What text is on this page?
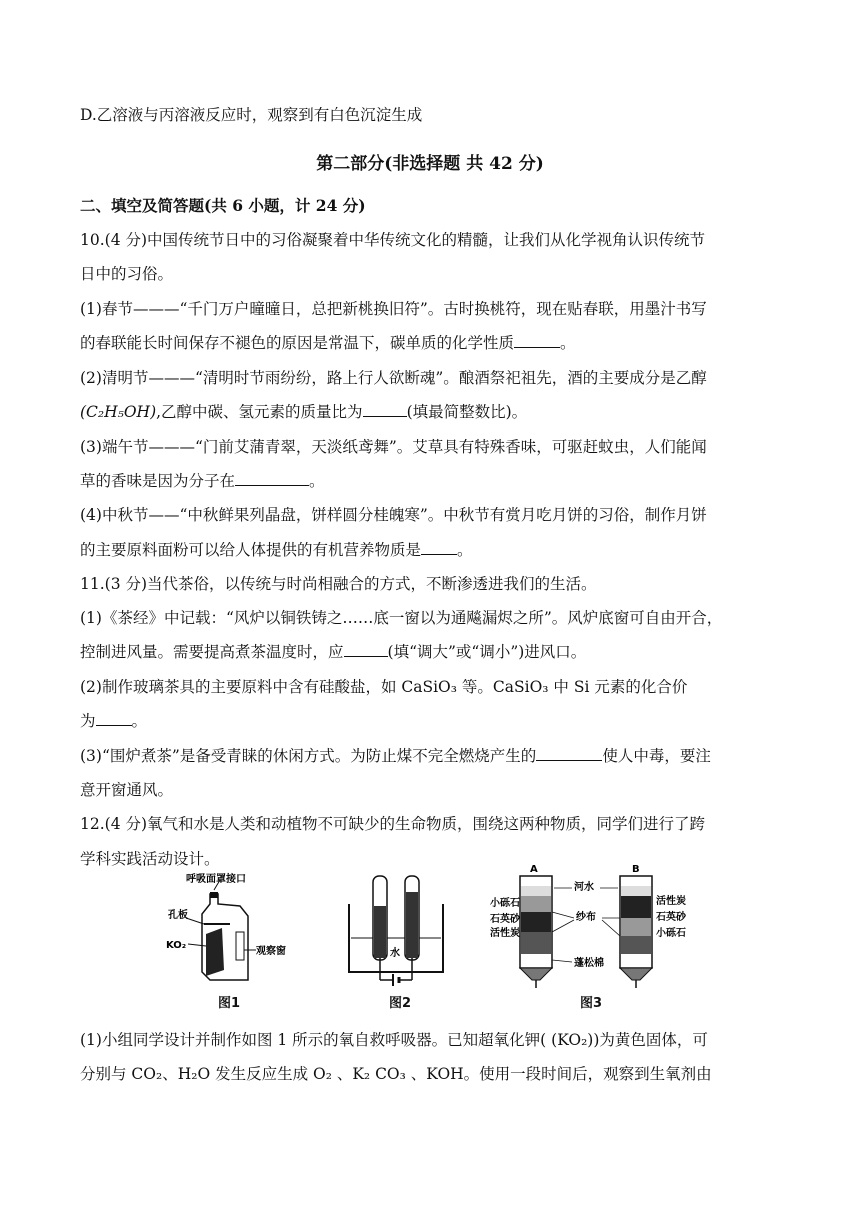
D.乙溶液与丙溶液反应时，观察到有白色沉淀生成
第二部分(非选择题 共 42 分)
二、填空及简答题(共 6 小题，计 24 分)
10.(4 分)中国传统节日中的习俗凝聚着中华传统文化的精髓，让我们从化学视角认识传统节
日中的习俗。
(1)春节———“千门万户曈曈日，总把新桃换旧符”。古时换桃符，现在贴春联，用墨汁书写
的春联能长时间保存不褪色的原因是常温下，碳单质的化学性质	。
(2)清明节———“清明时节雨纷纷，路上行人欲断魂”。酿酒祭祀祖先，酒的主要成分是乙醇
(C₂H₅OH),乙醇中碳、氢元素的质量比为	(填最简整数比)。
(3)端午节———“门前艾蒲青翠，天淡纸鸢舞”。艾草具有特殊香味，可驱赶蚊虫，人们能闻
草的香味是因为分子在	。
(4)中秋节——“中秋鲜果列晶盘，饼样圆分桂魄寒”。中秋节有赏月吃月饼的习俗，制作月饼
的主要原料面粉可以给人体提供的有机营养物质是 。
11.(3 分)当代茶俗，以传统与时尚相融合的方式，不断渗透进我们的生活。
(1)《茶经》中记载：“风炉以铜铁铸之……底一窗以为通飚漏烬之所”。风炉底窗可自由开合，
控制进风量。需要提高煮茶温度时，应	(填“调大”或“调小”)进风口。
(2)制作玻璃茶具的主要原料中含有硅酸盐，如 CaSiO₃ 等。CaSiO₃ 中 Si 元素的化合价
为 。
(3)“围炉煮茶”是备受青睐的休闲方式。为防止煤不完全燃烧产生的	使人中毒，要注
意开窗通风。
12.(4 分)氧气和水是人类和动植物不可缺少的生命物质，围绕这两种物质，同学们进行了跨
学科实践活动设计。
呼吸面罩接口
孔板
KO₂
观察窗
图1
水
图2
A	B
河水
小砾石
石英砂
活性炭
纱布
活性炭
石英砂
小砾石
蓬松棉
图3
(1)小组同学设计并制作如图 1 所示的氧自救呼吸器。已知超氧化钾( (KO₂))为黄色固体，可
分别与 CO₂、H₂O 发生反应生成 O₂ 、K₂ CO₃ 、KOH。使用一段时间后，观察到生氧剂由
